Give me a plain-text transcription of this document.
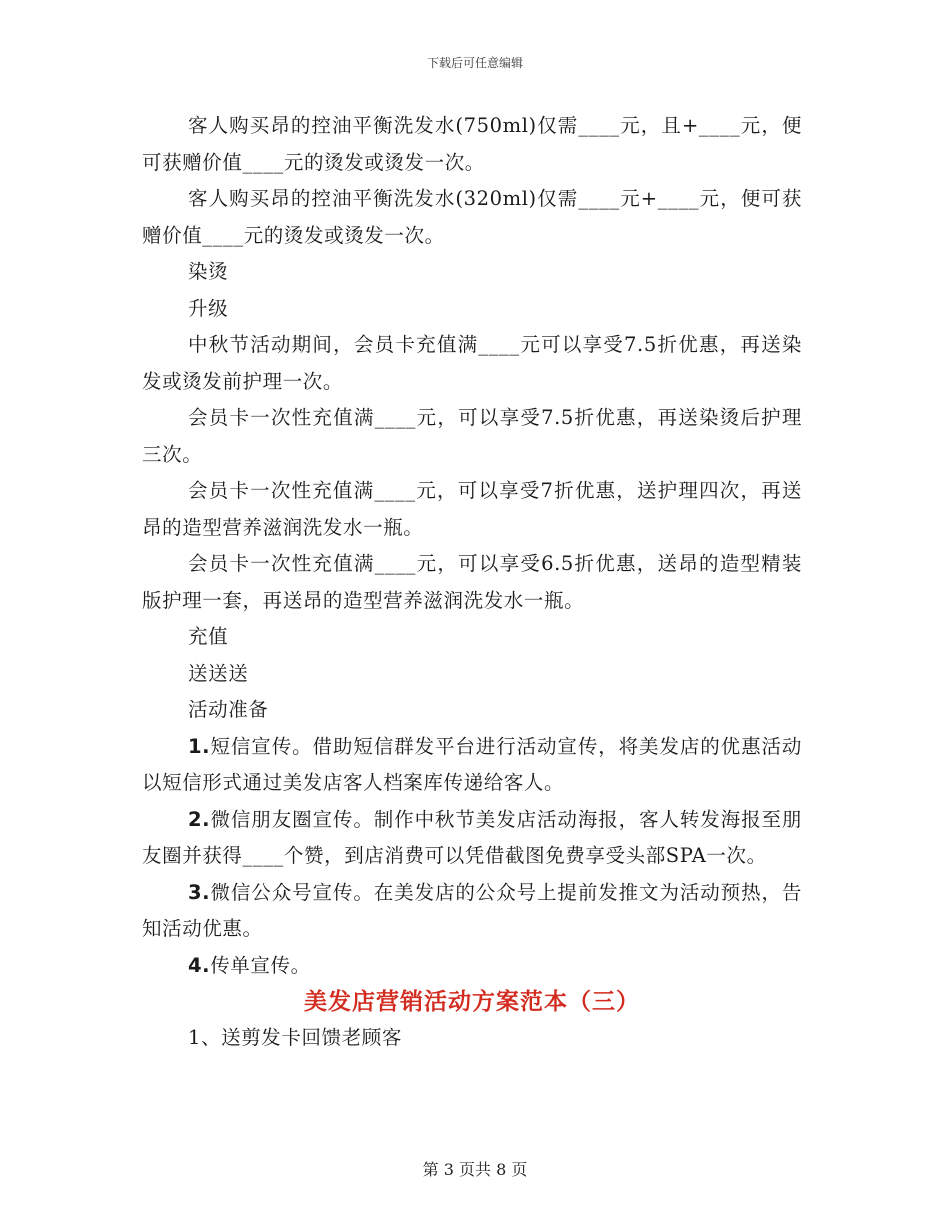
下载后可任意编辑

客人购买昂的控油平衡洗发水(750ml)仅需____元，且+____元，便可获赠价值____元的烫发或烫发一次。

客人购买昂的控油平衡洗发水(320ml)仅需____元+____元，便可获赠价值____元的烫发或烫发一次。

染烫

升级

中秋节活动期间，会员卡充值满____元可以享受7.5折优惠，再送染发或烫发前护理一次。

会员卡一次性充值满____元，可以享受7.5折优惠，再送染烫后护理三次。

会员卡一次性充值满____元，可以享受7折优惠，送护理四次，再送昂的造型营养滋润洗发水一瓶。

会员卡一次性充值满____元，可以享受6.5折优惠，送昂的造型精装版护理一套，再送昂的造型营养滋润洗发水一瓶。

充值

送送送

活动准备

1.短信宣传。借助短信群发平台进行活动宣传，将美发店的优惠活动以短信形式通过美发店客人档案库传递给客人。

2.微信朋友圈宣传。制作中秋节美发店活动海报，客人转发海报至朋友圈并获得____个赞，到店消费可以凭借截图免费享受头部SPA一次。

3.微信公众号宣传。在美发店的公众号上提前发推文为活动预热，告知活动优惠。

4.传单宣传。

美发店营销活动方案范本（三）

1、送剪发卡回馈老顾客

第 3 页共 8 页
